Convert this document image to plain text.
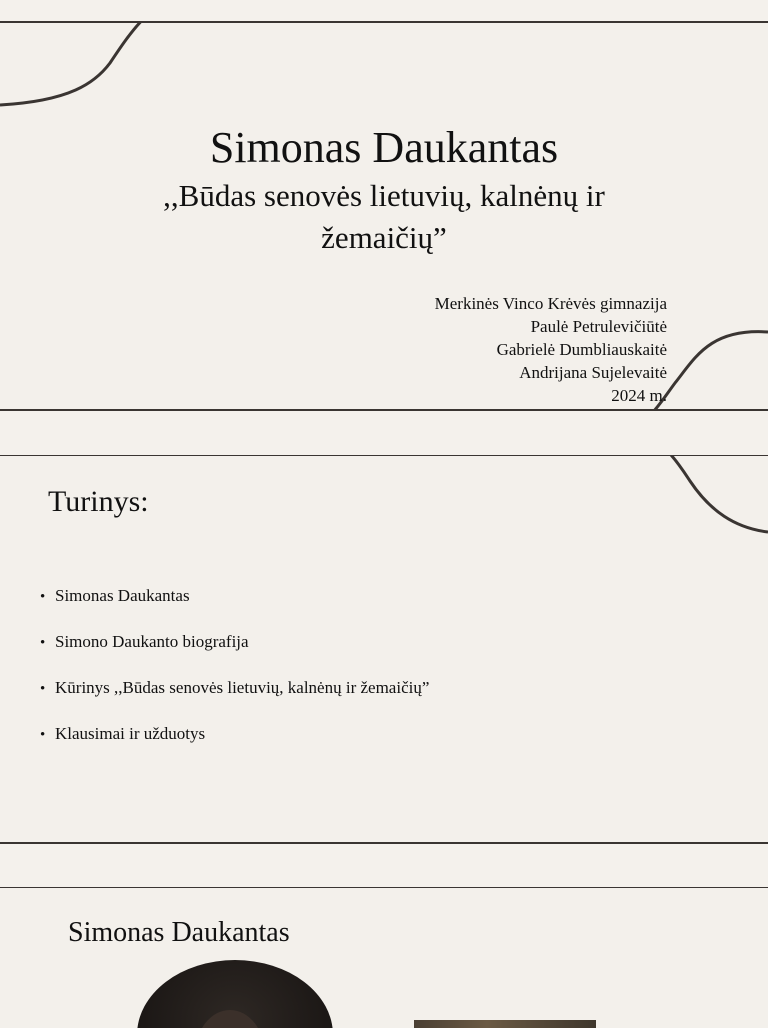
Simonas Daukantas
,,Būdas senovės lietuvių, kalnėnų ir žemaičių”
Merkinės Vinco Krėvės gimnazija
Paulė Petrulevičiūtė
Gabrielė Dumbliauskaitė
Andrijana Sujelevaitė
2024 m.
Turinys:
• Simonas Daukantas
• Simono Daukanto biografija
• Kūrinys ,,Būdas senovės lietuvių, kalnėnų ir žemaičių”
• Klausimai ir užduotys
Simonas Daukantas
